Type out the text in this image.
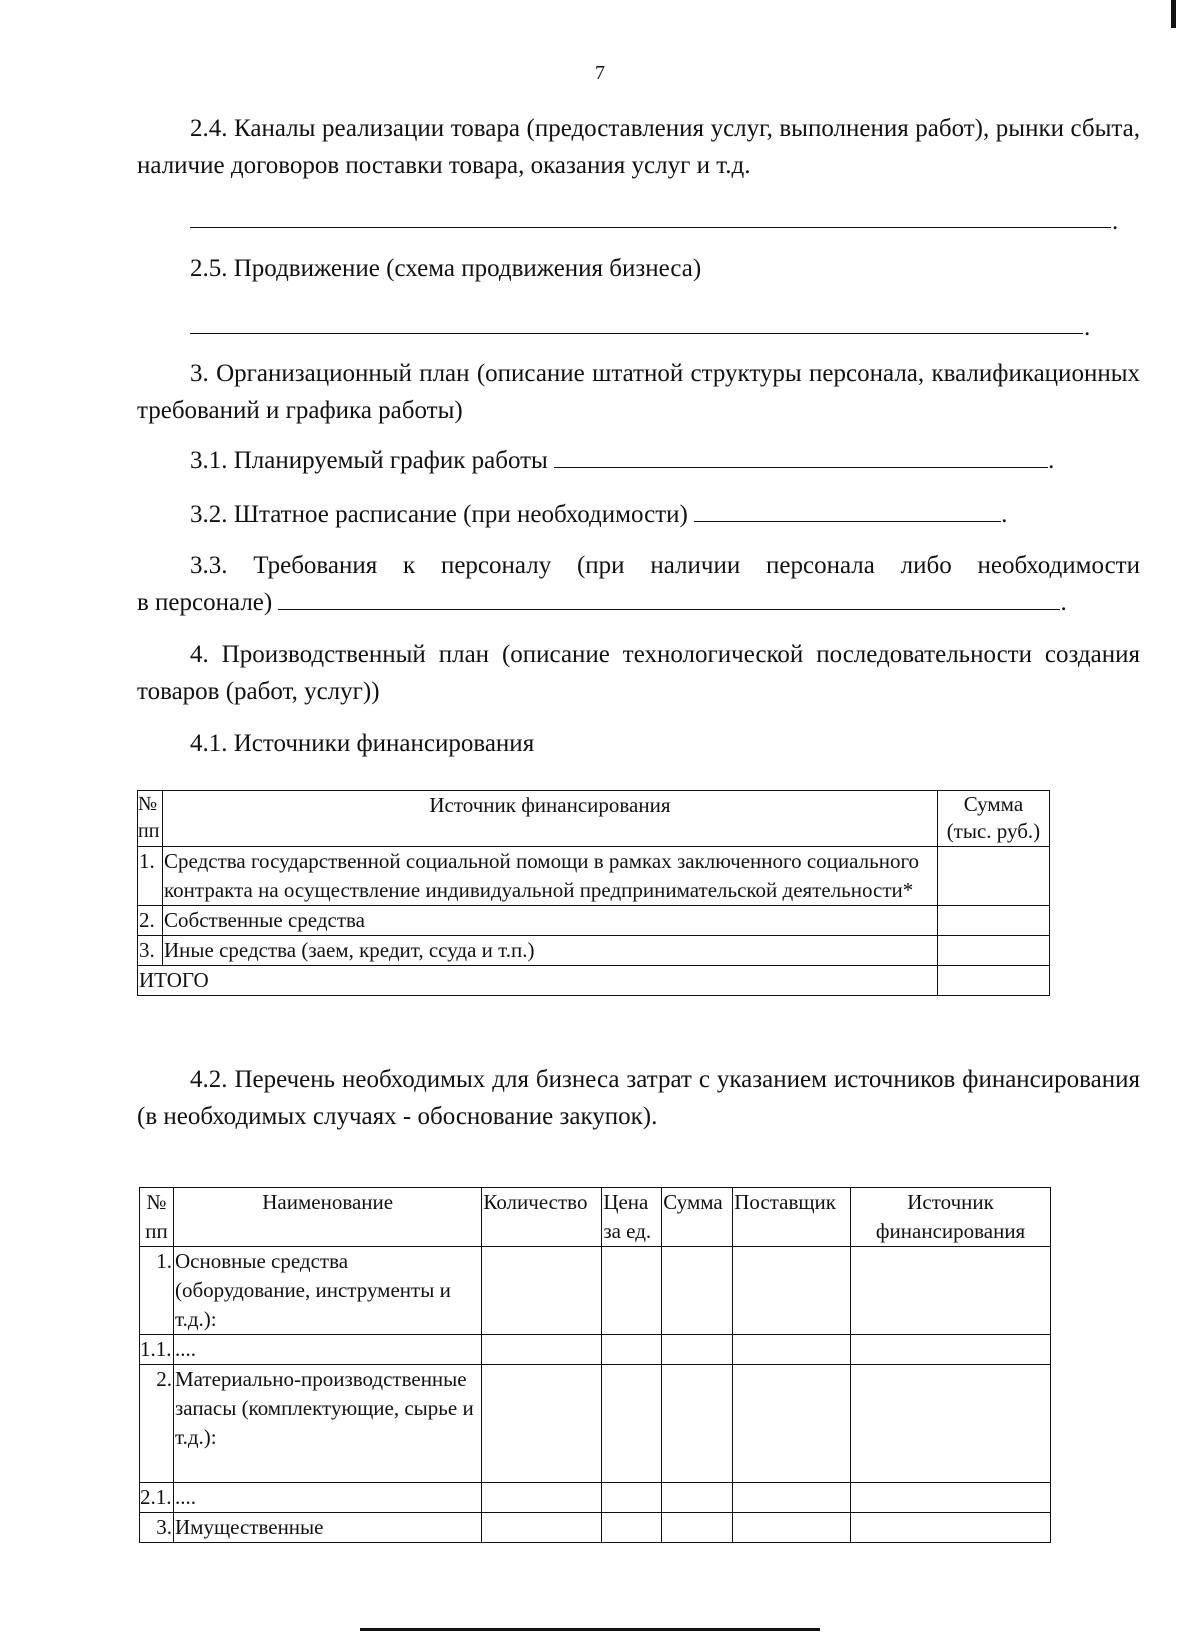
7
2.4. Каналы реализации товара (предоставления услуг, выполнения работ), рынки сбыта, наличие договоров поставки товара, оказания услуг и т.д.
.
2.5. Продвижение (схема продвижения бизнеса)
.
3. Организационный план (описание штатной структуры персонала, квалификационных требований и графика работы)
3.1. Планируемый график работы	.
3.2. Штатное расписание (при необходимости)	.
3.3. Требования к персоналу (при наличии персонала либо необходимости
в персонале)	.
4. Производственный план (описание технологической последовательности создания товаров (работ, услуг))
4.1. Источники финансирования
№ пп	Источник финансирования	Сумма (тыс. руб.)
1.	Средства государственной социальной помощи в рамках заключенного социального контракта на осуществление индивидуальной предпринимательской деятельности*	
2.	Собственные средства	
3.	Иные средства (заем, кредит, ссуда и т.п.)	
ИТОГО		
4.2. Перечень необходимых для бизнеса затрат с указанием источников финансирования (в необходимых случаях - обоснование закупок).
№ пп	Наименование	Количество	Цена за ед.	Сумма	Поставщик	Источник финансирования
1.	Основные средства (оборудование, инструменты и т.д.):					
1.1.	....					
2.	Материально-производственные запасы (комплектующие, сырье и т.д.):					
2.1.	....					
3.	Имущественные					
